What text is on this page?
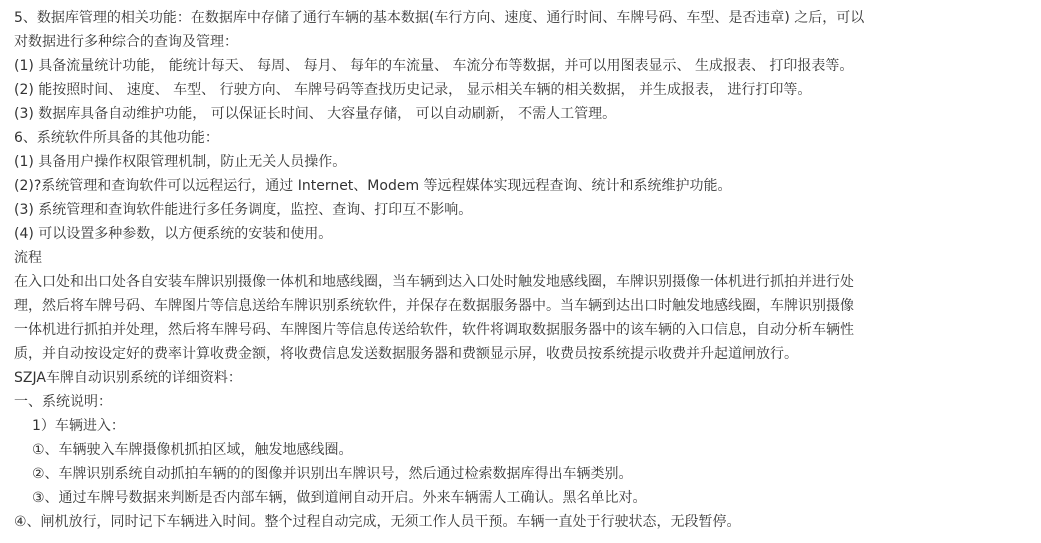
5、数据库管理的相关功能：在数据库中存储了通行车辆的基本数据(车行方向、速度、通行时间、车牌号码、车型、是否违章) 之后，可以
对数据进行多种综合的查询及管理：
(1) 具备流量统计功能， 能统计每天、 每周、 每月、 每年的车流量、 车流分布等数据，并可以用图表显示、 生成报表、 打印报表等。
(2) 能按照时间、 速度、 车型、 行驶方向、 车牌号码等查找历史记录， 显示相关车辆的相关数据， 并生成报表， 进行打印等。
(3) 数据库具备自动维护功能， 可以保证长时间、 大容量存储， 可以自动刷新， 不需人工管理。
6、系统软件所具备的其他功能：
(1) 具备用户操作权限管理机制，防止无关人员操作。
(2)?系统管理和查询软件可以远程运行，通过 Internet、Modem 等远程媒体实现远程查询、统计和系统维护功能。
(3) 系统管理和查询软件能进行多任务调度，监控、查询、打印互不影响。
(4) 可以设置多种参数，以方便系统的安装和使用。
流程
在入口处和出口处各自安装车牌识别摄像一体机和地感线圈，当车辆到达入口处时触发地感线圈，车牌识别摄像一体机进行抓拍并进行处
理，然后将车牌号码、车牌图片等信息送给车牌识别系统软件，并保存在数据服务器中。当车辆到达出口时触发地感线圈，车牌识别摄像
一体机进行抓拍并处理，然后将车牌号码、车牌图片等信息传送给软件，软件将调取数据服务器中的该车辆的入口信息，自动分析车辆性
质，并自动按设定好的费率计算收费金额，将收费信息发送数据服务器和费额显示屏，收费员按系统提示收费并升起道闸放行。
SZJA车牌自动识别系统的详细资料：
一、系统说明：
1）车辆进入：
①、车辆驶入车牌摄像机抓拍区域，触发地感线圈。
②、车牌识别系统自动抓拍车辆的的图像并识别出车牌识号，然后通过检索数据库得出车辆类别。
③、通过车牌号数据来判断是否内部车辆，做到道闸自动开启。外来车辆需人工确认。黑名单比对。
④、闸机放行，同时记下车辆进入时间。整个过程自动完成，无须工作人员干预。车辆一直处于行驶状态，无段暂停。
